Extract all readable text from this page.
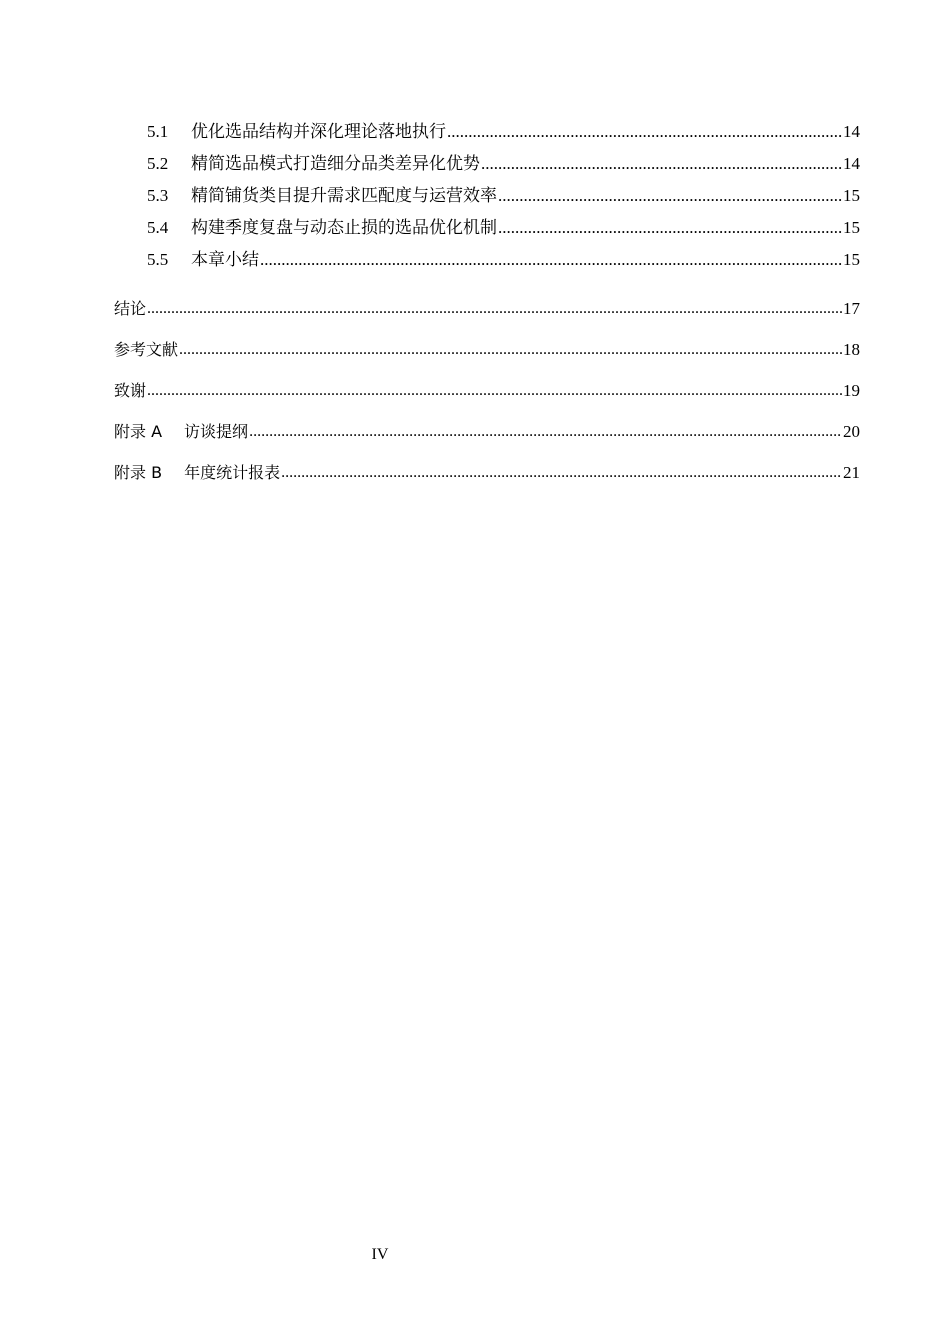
5.1	优化选品结构并深化理论落地执行 .....	14
5.2	精简选品模式打造细分品类差异化优势 .....	14
5.3	精简铺货类目提升需求匹配度与运营效率 .....	15
5.4	构建季度复盘与动态止损的选品优化机制 .....	15
5.5	本章小结 .....	15
结论 .....	17
参考文献 .....	18
致谢 .....	19
附录 A 访谈提纲 .....	20
附录 B 年度统计报表 .....	21
IV
